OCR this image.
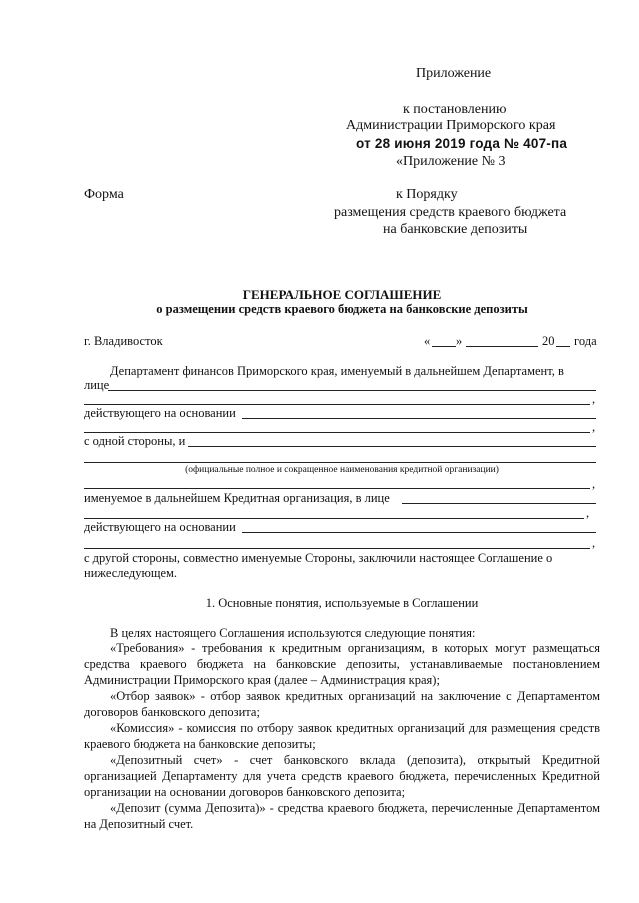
Приложение
к постановлению
Администрации Приморского края
от 28 июня 2019 года № 407-па
«Приложение № 3
Форма	к Порядку
размещения средств краевого бюджета
на банковские депозиты
ГЕНЕРАЛЬНОЕ СОГЛАШЕНИЕ
о размещении средств краевого бюджета на банковские депозиты
г. Владивосток	« »	20 года
Департамент финансов Приморского края, именуемый в дальнейшем Департамент, в
лице
,
действующего на основании
,
с одной стороны, и
(официальные полное и сокращенное наименования кредитной организации)
,
именуемое в дальнейшем Кредитная организация, в лице
,
действующего на основании
,
с другой стороны, совместно именуемые Стороны, заключили настоящее Соглашение о
нижеследующем.
1. Основные понятия, используемые в Соглашении
В целях настоящего Соглашения используются следующие понятия:
«Требования» - требования к кредитным организациям, в которых могут размещаться средства краевого бюджета на банковские депозиты, устанавливаемые постановлением Администрации Приморского края (далее – Администрация края);
«Отбор заявок» - отбор заявок кредитных организаций на заключение с Департаментом договоров банковского депозита;
«Комиссия» - комиссия по отбору заявок кредитных организаций для размещения средств краевого бюджета на банковские депозиты;
«Депозитный счет» - счет банковского вклада (депозита), открытый Кредитной организацией Департаменту для учета средств краевого бюджета, перечисленных Кредитной организации на основании договоров банковского депозита;
«Депозит (сумма Депозита)» - средства краевого бюджета, перечисленные Департаментом на Депозитный счет.
